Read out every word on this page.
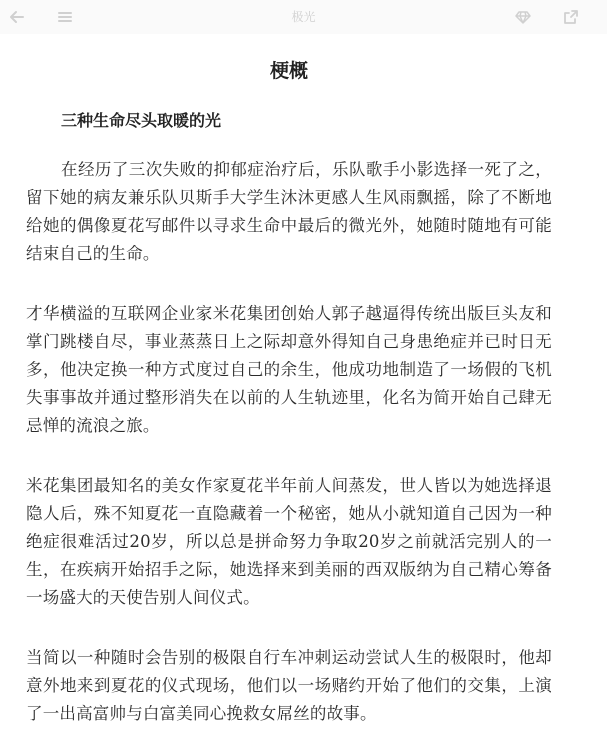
极光
梗概
三种生命尽头取暖的光

在经历了三次失败的抑郁症治疗后，乐队歌手小影选择一死了之，留下她的病友兼乐队贝斯手大学生沐沐更感人生风雨飘摇，除了不断地给她的偶像夏花写邮件以寻求生命中最后的微光外，她随时随地有可能结束自己的生命。

才华横溢的互联网企业家米花集团创始人郭子越逼得传统出版巨头友和掌门跳楼自尽，事业蒸蒸日上之际却意外得知自己身患绝症并已时日无多，他决定换一种方式度过自己的余生，他成功地制造了一场假的飞机失事事故并通过整形消失在以前的人生轨迹里，化名为简开始自己肆无忌惮的流浪之旅。

米花集团最知名的美女作家夏花半年前人间蒸发，世人皆以为她选择退隐人后，殊不知夏花一直隐藏着一个秘密，她从小就知道自己因为一种绝症很难活过20岁，所以总是拼命努力争取20岁之前就活完别人的一生，在疾病开始招手之际，她选择来到美丽的西双版纳为自己精心筹备一场盛大的天使告别人间仪式。

当简以一种随时会告别的极限自行车冲刺运动尝试人生的极限时，他却意外地来到夏花的仪式现场，他们以一场赌约开始了他们的交集，上演了一出高富帅与白富美同心挽救女屌丝的故事。
